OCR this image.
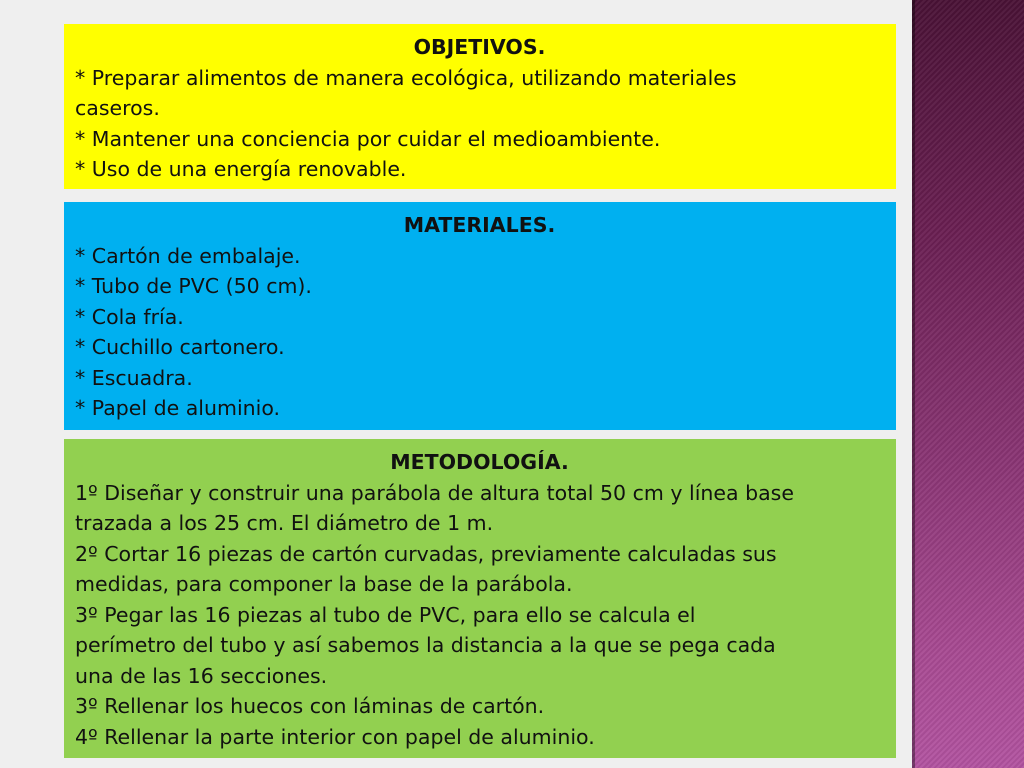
OBJETIVOS.
* Preparar alimentos de manera ecológica, utilizando materiales
caseros.
* Mantener una conciencia por cuidar el medioambiente.
* Uso de una energía renovable.
MATERIALES.
* Cartón de embalaje.
* Tubo de PVC (50 cm).
* Cola fría.
* Cuchillo cartonero.
* Escuadra.
* Papel de aluminio.
METODOLOGÍA.
1º Diseñar y construir una parábola de altura total 50 cm y línea base
trazada a los 25 cm. El diámetro de 1 m.
2º Cortar 16 piezas de cartón curvadas, previamente calculadas sus
medidas, para componer la base de la parábola.
3º Pegar las 16 piezas al tubo de PVC, para ello se calcula el
perímetro del tubo y así sabemos la distancia a la que se pega cada
una de las 16 secciones.
3º Rellenar los huecos con láminas de cartón.
4º Rellenar la parte interior con papel de aluminio.
